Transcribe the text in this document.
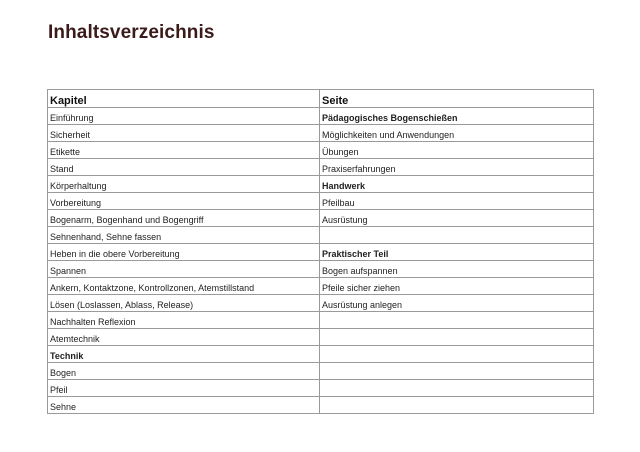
Inhaltsverzeichnis
Kapitel	Seite
Einführung	Pädagogisches Bogenschießen
Sicherheit	Möglichkeiten und Anwendungen
Etikette	Übungen
Stand	Praxiserfahrungen
Körperhaltung	Handwerk
Vorbereitung	Pfeilbau
Bogenarm, Bogenhand und Bogengriff	Ausrüstung
Sehnenhand, Sehne fassen	
Heben in die obere Vorbereitung	Praktischer Teil
Spannen	Bogen aufspannen
Ankern, Kontaktzone, Kontrollzonen, Atemstillstand	Pfeile sicher ziehen
Lösen (Loslassen, Ablass, Release)	Ausrüstung anlegen
Nachhalten Reflexion	
Atemtechnik	
Technik	
Bogen	
Pfeil	
Sehne	
